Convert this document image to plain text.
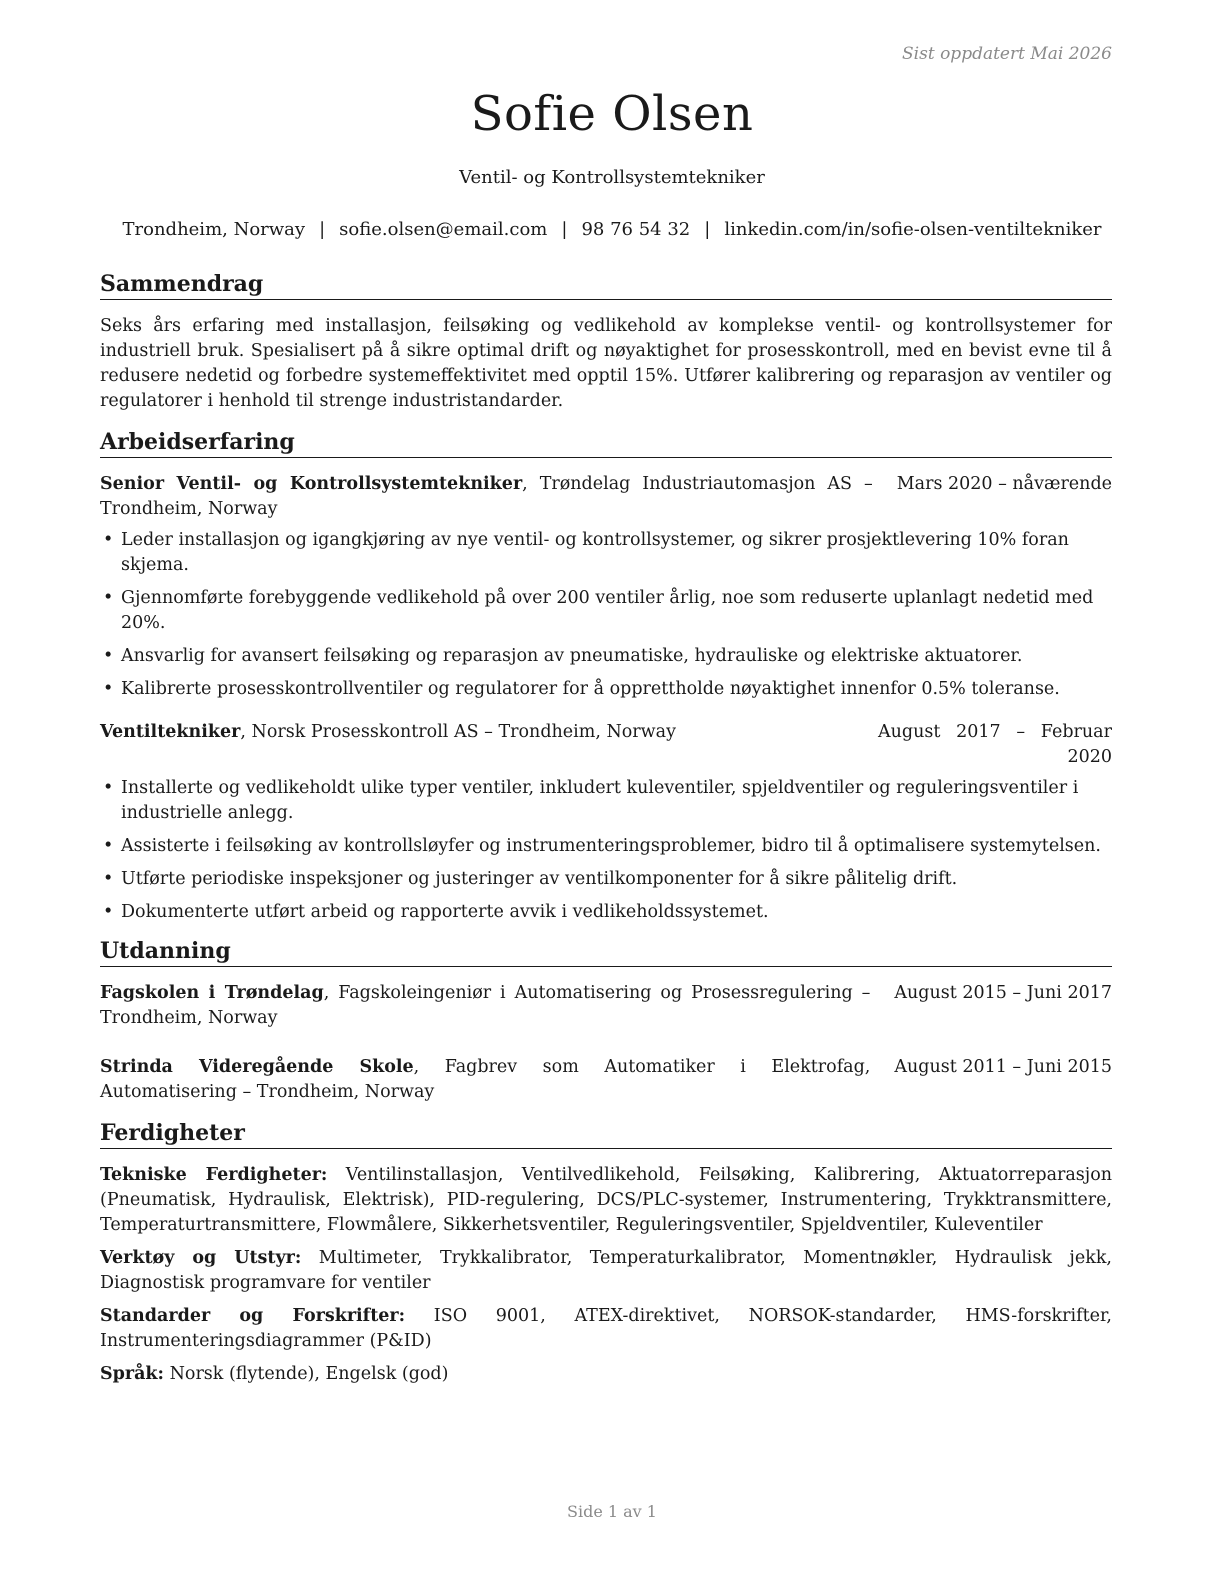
Sist oppdatert Mai 2026
Sofie Olsen
Ventil- og Kontrollsystemtekniker
Trondheim, Norway | sofie.olsen@email.com | 98 76 54 32 | linkedin.com/in/sofie-olsen-ventiltekniker
Sammendrag

Seks års erfaring med installasjon, feilsøking og vedlikehold av komplekse ventil- og kontrollsystemer for industriell bruk. Spesialisert på å sikre optimal drift og nøyaktighet for prosesskontroll, med en bevist evne til å redusere nedetid og forbedre systemeffektivitet med opptil 15%. Utfører kalibrering og reparasjon av ventiler og regulatorer i henhold til strenge industristandarder.

Arbeidserfaring
Senior Ventil- og Kontrollsystemtekniker, Trøndelag Industriautomasjon AS – Trondheim, Norway
Mars 2020 – nåværende
• Leder installasjon og igangkjøring av nye ventil- og kontrollsystemer, og sikrer prosjektlevering 10% foran skjema.
• Gjennomførte forebyggende vedlikehold på over 200 ventiler årlig, noe som reduserte uplanlagt nedetid med 20%.
• Ansvarlig for avansert feilsøking og reparasjon av pneumatiske, hydrauliske og elektriske aktuatorer.
• Kalibrerte prosesskontrollventiler og regulatorer for å opprettholde nøyaktighet innenfor 0.5% toleranse.
Ventiltekniker, Norsk Prosesskontroll AS – Trondheim, Norway	August 2017 – Februar 2020
• Installerte og vedlikeholdt ulike typer ventiler, inkludert kuleventiler, spjeldventiler og reguleringsventiler i industrielle anlegg.
• Assisterte i feilsøking av kontrollsløyfer og instrumenteringsproblemer, bidro til å optimalisere systemytelsen.
• Utførte periodiske inspeksjoner og justeringer av ventilkomponenter for å sikre pålitelig drift.
• Dokumenterte utført arbeid og rapporterte avvik i vedlikeholdssystemet.
Utdanning
Fagskolen i Trøndelag, Fagskoleingeniør i Automatisering og Prosessregulering – Trondheim, Norway
August 2015 – Juni 2017
Strinda Videregående Skole, Fagbrev som Automatiker i Elektrofag, Automatisering – Trondheim, Norway
August 2011 – Juni 2015
Ferdigheter
Tekniske Ferdigheter: Ventilinstallasjon, Ventilvedlikehold, Feilsøking, Kalibrering, Aktuatorreparasjon (Pneumatisk, Hydraulisk, Elektrisk), PID-regulering, DCS/PLC-systemer, Instrumentering, Trykktransmittere, Temperaturtransmittere, Flowmålere, Sikkerhetsventiler, Reguleringsventiler, Spjeldventiler, Kuleventiler
Verktøy og Utstyr: Multimeter, Trykkalibrator, Temperaturkalibrator, Momentnøkler, Hydraulisk jekk, Diagnostisk programvare for ventiler
Standarder og Forskrifter: ISO 9001, ATEX-direktivet, NORSOK-standarder, HMS-forskrifter, Instrumenteringsdiagrammer (P&ID)
Språk: Norsk (flytende), Engelsk (god)
Side 1 av 1
